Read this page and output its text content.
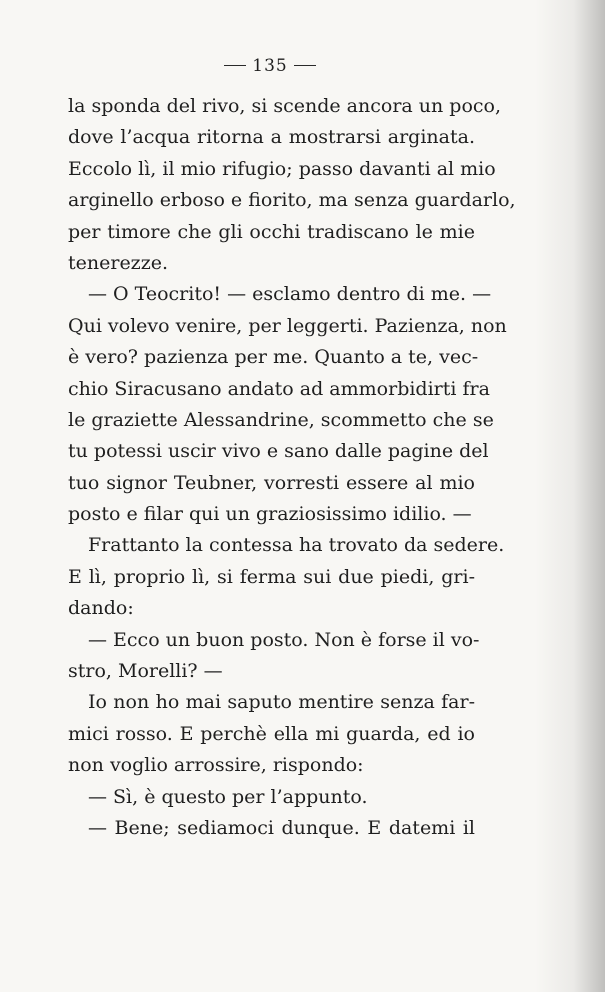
135
la sponda del rivo, si scende ancora un poco,
dove l’acqua ritorna a mostrarsi arginata.
Eccolo lì, il mio rifugio; passo davanti al mio
arginello erboso e fiorito, ma senza guardarlo,
per timore che gli occhi tradiscano le mie
tenerezze.
— O Teocrito! — esclamo dentro di me. —
Qui volevo venire, per leggerti. Pazienza, non
è vero? pazienza per me. Quanto a te, vec-
chio Siracusano andato ad ammorbidirti fra
le graziette Alessandrine, scommetto che se
tu potessi uscir vivo e sano dalle pagine del
tuo signor Teubner, vorresti essere al mio
posto e filar qui un graziosissimo idilio. —
Frattanto la contessa ha trovato da sedere.
E lì, proprio lì, si ferma sui due piedi, gri-
dando:
— Ecco un buon posto. Non è forse il vo-
stro, Morelli? —
Io non ho mai saputo mentire senza far-
mici rosso. E perchè ella mi guarda, ed io
non voglio arrossire, rispondo:
— Sì, è questo per l’appunto.
— Bene; sediamoci dunque. E datemi il
